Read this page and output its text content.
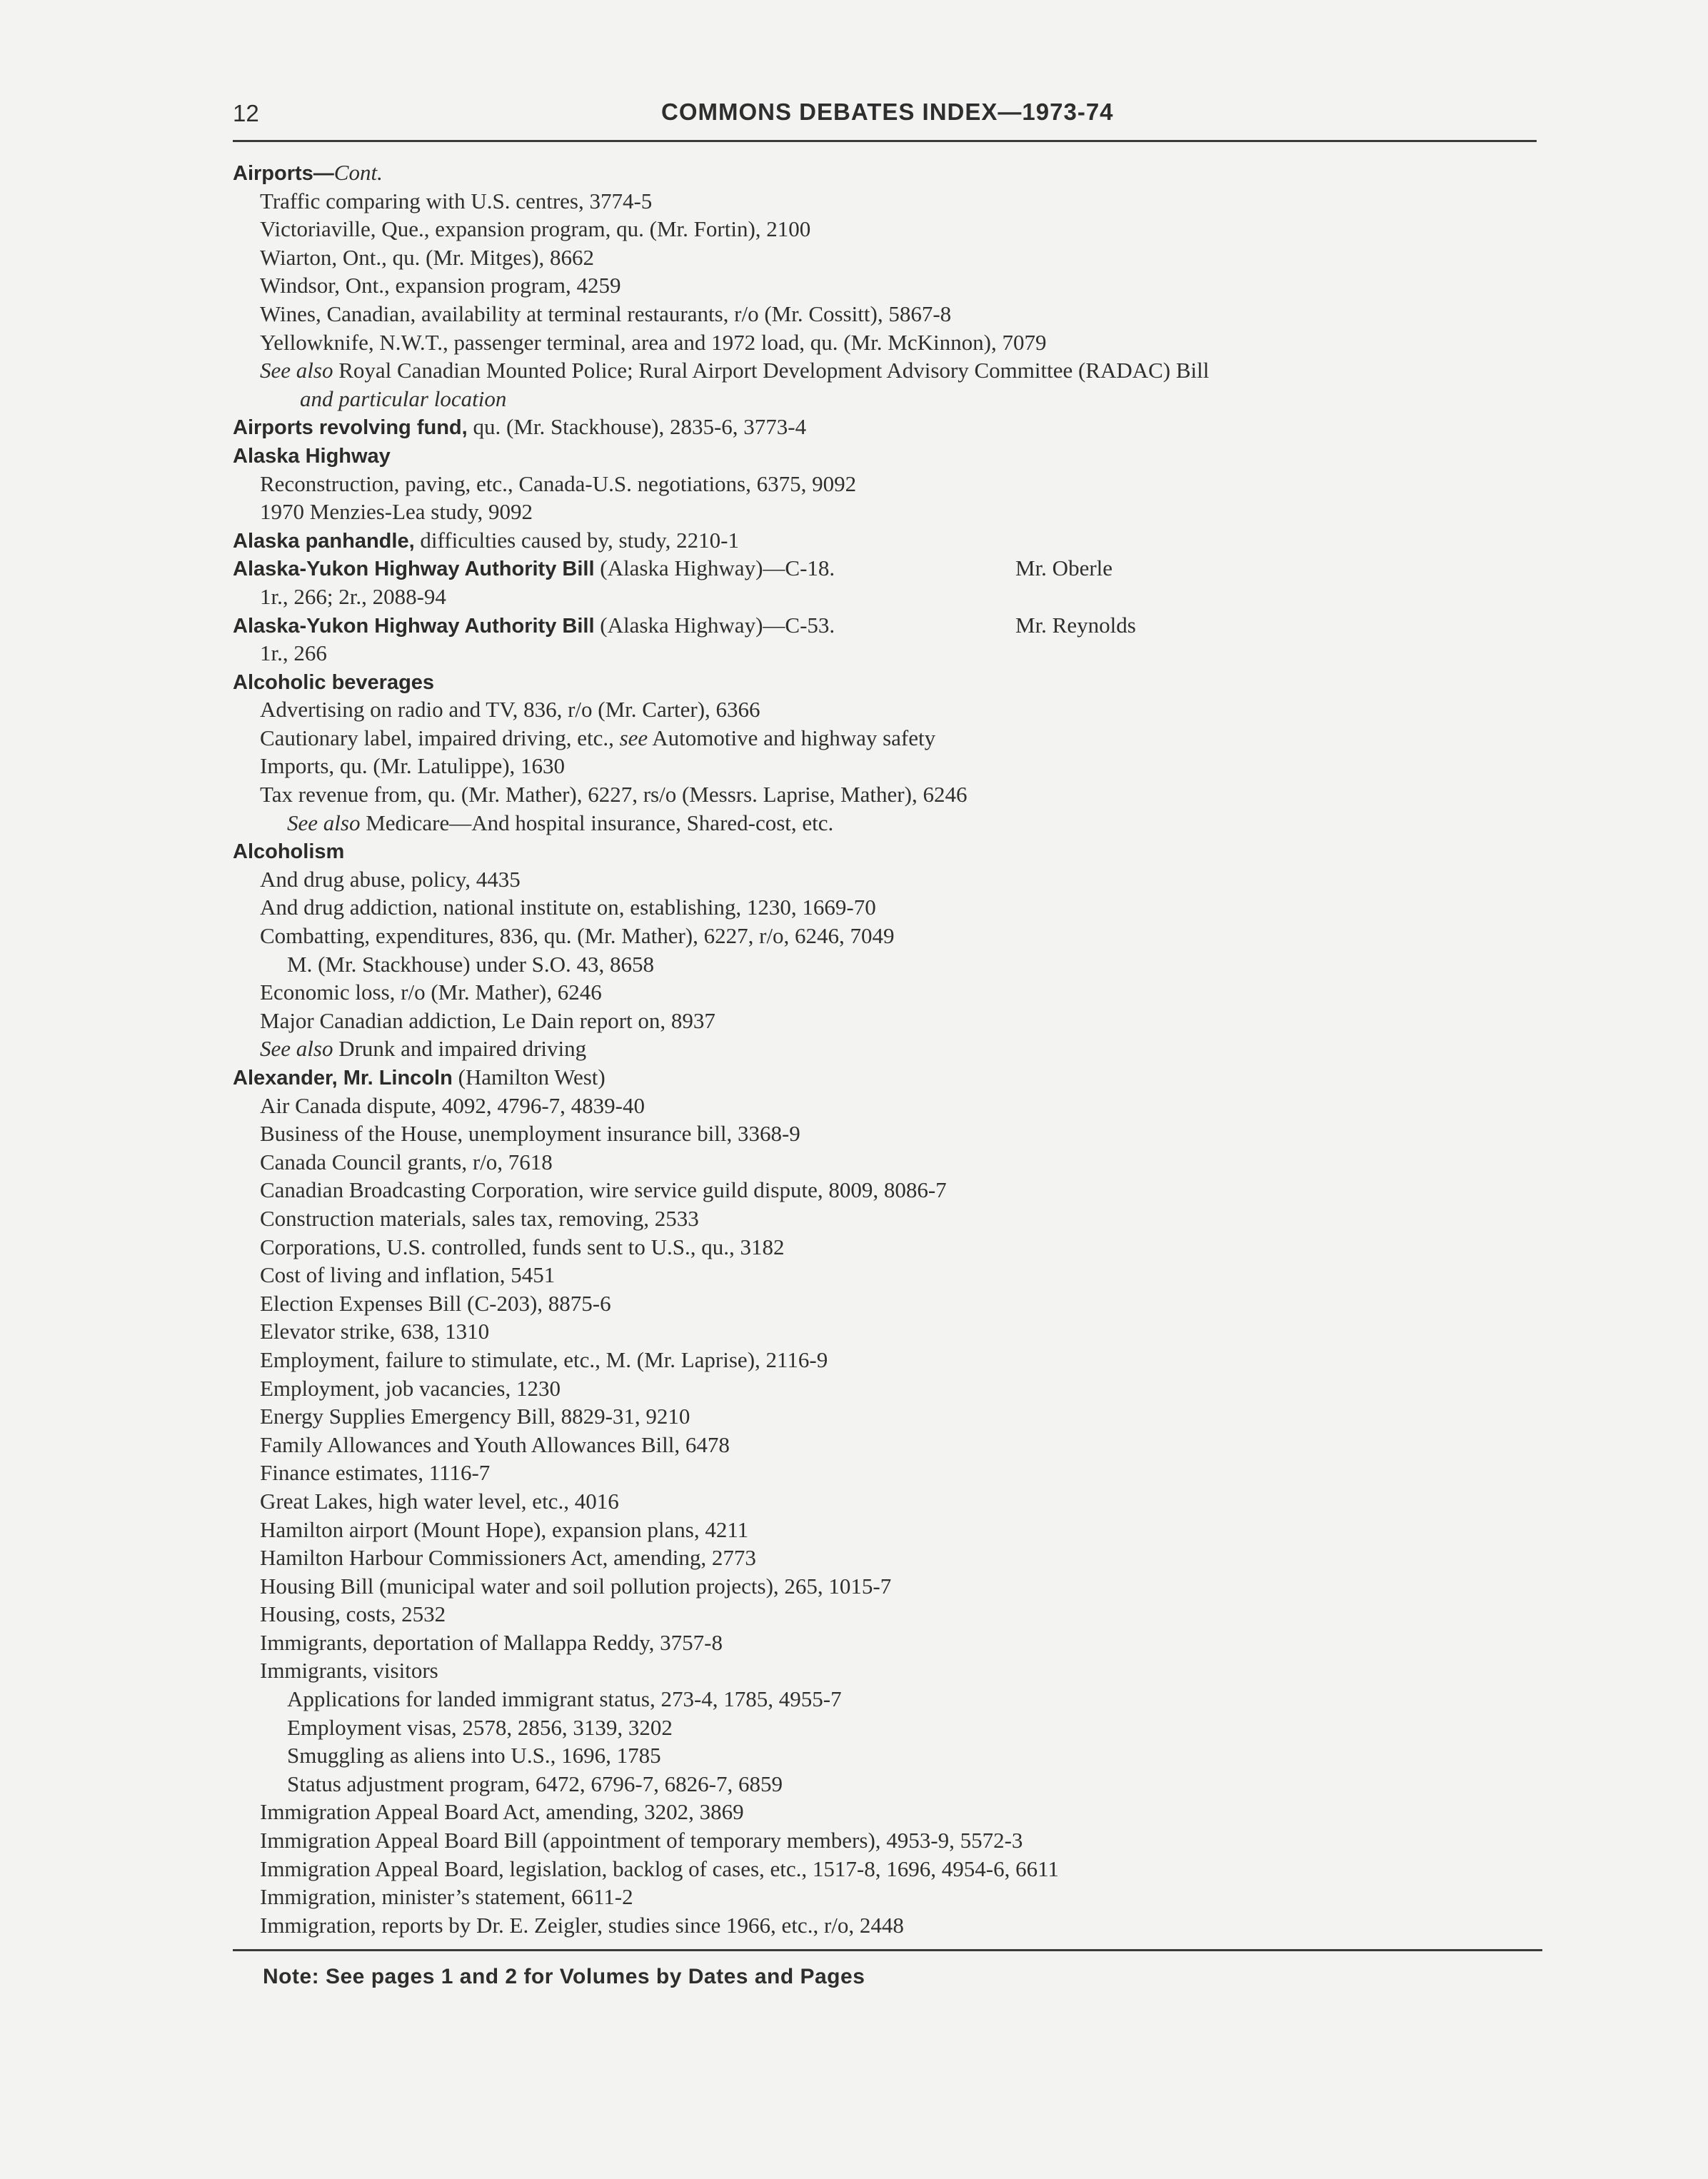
12	COMMONS DEBATES INDEX—1973-74
Airports—Cont.
Traffic comparing with U.S. centres, 3774-5
Victoriaville, Que., expansion program, qu. (Mr. Fortin), 2100
Wiarton, Ont., qu. (Mr. Mitges), 8662
Windsor, Ont., expansion program, 4259
Wines, Canadian, availability at terminal restaurants, r/o (Mr. Cossitt), 5867-8
Yellowknife, N.W.T., passenger terminal, area and 1972 load, qu. (Mr. McKinnon), 7079
See also Royal Canadian Mounted Police; Rural Airport Development Advisory Committee (RADAC) Bill
and particular location
Airports revolving fund, qu. (Mr. Stackhouse), 2835-6, 3773-4
Alaska Highway
Reconstruction, paving, etc., Canada-U.S. negotiations, 6375, 9092
1970 Menzies-Lea study, 9092
Alaska panhandle, difficulties caused by, study, 2210-1
Alaska-Yukon Highway Authority Bill (Alaska Highway)—C-18.	Mr. Oberle
1r., 266; 2r., 2088-94
Alaska-Yukon Highway Authority Bill (Alaska Highway)—C-53.	Mr. Reynolds
1r., 266
Alcoholic beverages
Advertising on radio and TV, 836, r/o (Mr. Carter), 6366
Cautionary label, impaired driving, etc., see Automotive and highway safety
Imports, qu. (Mr. Latulippe), 1630
Tax revenue from, qu. (Mr. Mather), 6227, rs/o (Messrs. Laprise, Mather), 6246
See also Medicare—And hospital insurance, Shared-cost, etc.
Alcoholism
And drug abuse, policy, 4435
And drug addiction, national institute on, establishing, 1230, 1669-70
Combatting, expenditures, 836, qu. (Mr. Mather), 6227, r/o, 6246, 7049
M. (Mr. Stackhouse) under S.O. 43, 8658
Economic loss, r/o (Mr. Mather), 6246
Major Canadian addiction, Le Dain report on, 8937
See also Drunk and impaired driving
Alexander, Mr. Lincoln (Hamilton West)
Air Canada dispute, 4092, 4796-7, 4839-40
Business of the House, unemployment insurance bill, 3368-9
Canada Council grants, r/o, 7618
Canadian Broadcasting Corporation, wire service guild dispute, 8009, 8086-7
Construction materials, sales tax, removing, 2533
Corporations, U.S. controlled, funds sent to U.S., qu., 3182
Cost of living and inflation, 5451
Election Expenses Bill (C-203), 8875-6
Elevator strike, 638, 1310
Employment, failure to stimulate, etc., M. (Mr. Laprise), 2116-9
Employment, job vacancies, 1230
Energy Supplies Emergency Bill, 8829-31, 9210
Family Allowances and Youth Allowances Bill, 6478
Finance estimates, 1116-7
Great Lakes, high water level, etc., 4016
Hamilton airport (Mount Hope), expansion plans, 4211
Hamilton Harbour Commissioners Act, amending, 2773
Housing Bill (municipal water and soil pollution projects), 265, 1015-7
Housing, costs, 2532
Immigrants, deportation of Mallappa Reddy, 3757-8
Immigrants, visitors
Applications for landed immigrant status, 273-4, 1785, 4955-7
Employment visas, 2578, 2856, 3139, 3202
Smuggling as aliens into U.S., 1696, 1785
Status adjustment program, 6472, 6796-7, 6826-7, 6859
Immigration Appeal Board Act, amending, 3202, 3869
Immigration Appeal Board Bill (appointment of temporary members), 4953-9, 5572-3
Immigration Appeal Board, legislation, backlog of cases, etc., 1517-8, 1696, 4954-6, 6611
Immigration, minister’s statement, 6611-2
Immigration, reports by Dr. E. Zeigler, studies since 1966, etc., r/o, 2448
Note: See pages 1 and 2 for Volumes by Dates and Pages
